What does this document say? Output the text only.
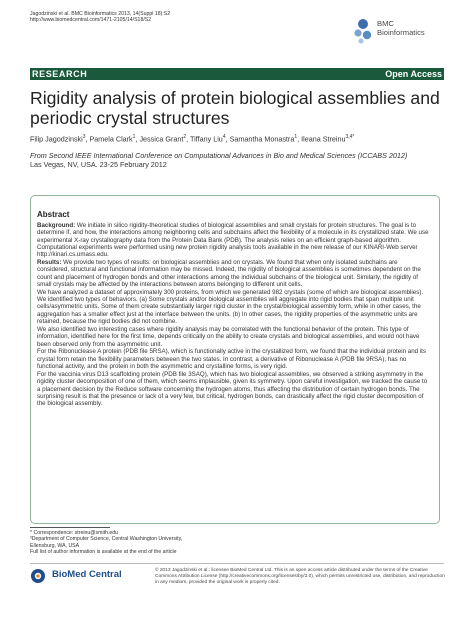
Jagodzinski et al. BMC Bioinformatics 2013, 14(Suppl 18):S2
http://www.biomedcentral.com/1471-2105/14/S18/S2	BMC
Bioinformatics
RESEARCH	Open Access
Rigidity analysis of protein biological assemblies and periodic crystal structures
Filip Jagodzinski$^3$, Pamela Clark$^1$, Jessica Grant$^2$, Tiffany Liu$^4$, Samantha Monastra$^1$, Ileana Streinu$^{3,4*}$
From Second IEEE International Conference on Computational Advances in Bio and Medical Sciences (ICCABS 2012)
Las Vegas, NV, USA. 23-25 February 2012
Abstract

Background: We initiate in silico rigidity-theoretical studies of biological assemblies and small crystals for protein structures. The goal is to determine if, and how, the interactions among neighboring cells and subchains affect the flexibility of a molecule in its crystallized state. We use experimental X-ray crystallography data from the Protein Data Bank (PDB). The analysis relies on an efficient graph-based algorithm. Computational experiments were performed using new protein rigidity analysis tools available in the new release of our KINARI-Web server http://kinari.cs.umass.edu.

Results: We provide two types of results: on biological assemblies and on crystals. We found that when only isolated subchains are considered, structural and functional information may be missed. Indeed, the rigidity of biological assemblies is sometimes dependent on the count and placement of hydrogen bonds and other interactions among the individual subchains of the biological unit. Similarly, the rigidity of small crystals may be affected by the interactions between atoms belonging to different unit cells.

We have analyzed a dataset of approximately 300 proteins, from which we generated 982 crystals (some of which are biological assemblies). We identified two types of behaviors. (a) Some crystals and/or biological assemblies will aggregate into rigid bodies that span multiple unit cells/asymmetric units. Some of them create substantially larger rigid cluster in the crystal/biological assembly form, while in other cases, the aggregation has a smaller effect just at the interface between the units. (b) In other cases, the rigidity properties of the asymmetric units are retained, because the rigid bodies did not combine.

We also identified two interesting cases where rigidity analysis may be correlated with the functional behavior of the protein. This type of information, identified here for the first time, depends critically on the ability to create crystals and biological assemblies, and would not have been observed only from the asymmetric unit.

For the Ribonuclease A protein (PDB file 5RSA), which is functionally active in the crystallized form, we found that the individual protein and its crystal form retain the flexibility parameters between the two states. In contrast, a derivative of Ribonuclease A (PDB file 9RSA), has no functional activity, and the protein in both the asymmetric and crystalline forms, is very rigid.

For the vaccinia virus D13 scaffolding protein (PDB file 3SAQ), which has two biological assemblies, we observed a striking asymmetry in the rigidity cluster decomposition of one of them, which seems implausible, given its symmetry. Upon careful investigation, we tracked the cause to a placement decision by the Reduce software concerning the hydrogen atoms, thus affecting the distribution of certain hydrogen bonds. The surprising result is that the presence or lack of a very few, but critical, hydrogen bonds, can drastically affect the rigid cluster decomposition of the biological assembly.

* Correspondence: streinu@smith.edu
³Department of Computer Science, Central Washington University,
Ellensburg, WA, USA
Full list of author information is available at the end of the article
BioMed Central	© 2013 Jagodzinski et al.; licensee BioMed Central Ltd. This is an open access article distributed under the terms of the Creative Commons Attribution License (http://creativecommons.org/licenses/by/2.0), which permits unrestricted use, distribution, and reproduction in any medium, provided the original work is properly cited.
